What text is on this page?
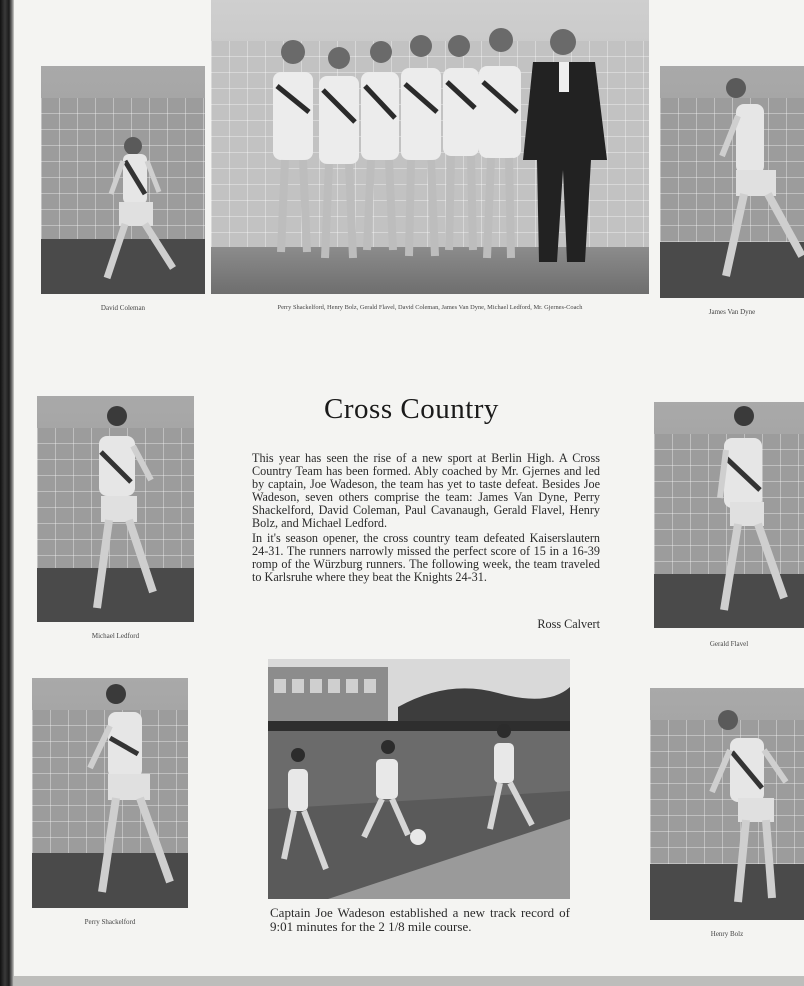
David Coleman	Perry Shackelford, Henry Bolz, Gerald Flavel, David Coleman, James Van Dyne, Michael Ledford, Mr. Gjernes-Coach
James Van Dyne
Michael Ledford
Gerald Flavel
Cross Country

This year has seen the rise of a new sport at Berlin High. A Cross Country Team has been formed. Ably coached by Mr. Gjernes and led by captain, Joe Wadeson, the team has yet to taste defeat. Besides Joe Wadeson, seven others comprise the team: James Van Dyne, Perry Shackelford, David Coleman, Paul Cavanaugh, Gerald Flavel, Henry Bolz, and Michael Ledford.

In it's season opener, the cross country team defeated Kaiserslautern 24-31. The runners narrowly missed the perfect score of 15 in a 16-39 romp of the Würzburg runners. The following week, the team traveled to Karlsruhe where they beat the Knights 24-31.

Ross Calvert
Perry Shackelford
Captain Joe Wadeson established a new track record of 9:01 minutes for the 2 1/8 mile course.	Henry Bolz
